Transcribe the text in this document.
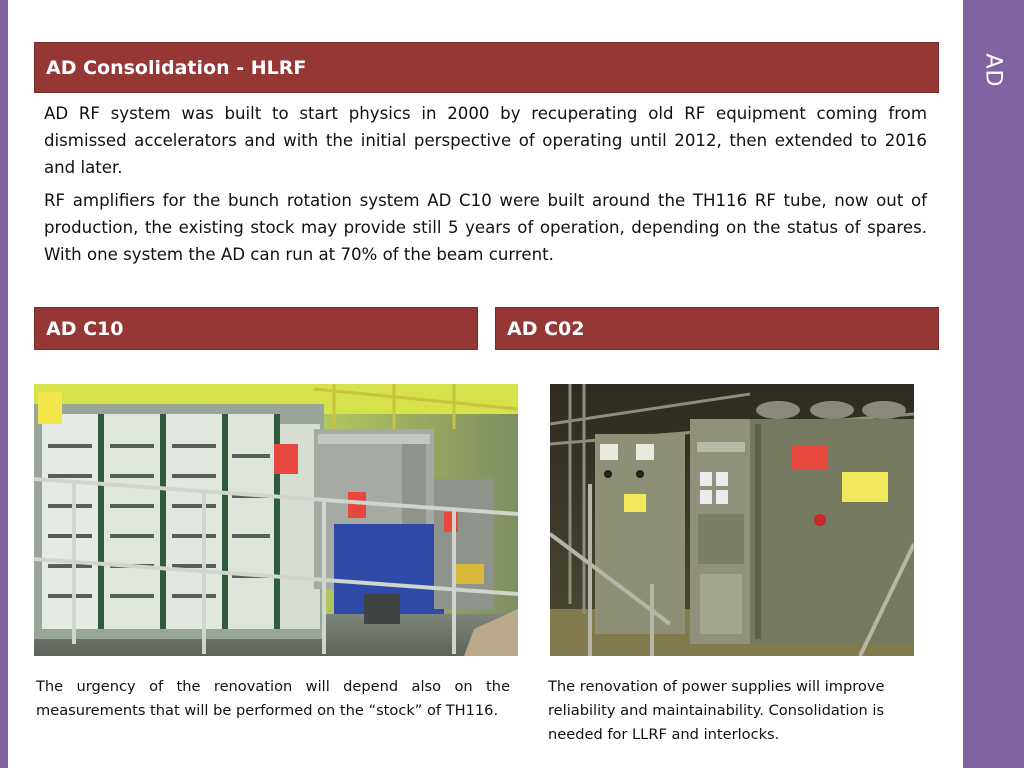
AD
AD Consolidation - HLRF

AD RF system was built to start physics in 2000 by recuperating old RF equipment coming from dismissed accelerators and with the initial perspective of operating until 2012, then extended to 2016 and later.

RF amplifiers for the bunch rotation system AD C10 were built around the TH116 RF tube, now out of production, the existing stock may provide still 5 years of operation, depending on the status of spares. With one system the AD can run at 70% of the beam current.

AD C10	AD C02
The urgency of the renovation will depend also on the measurements that will be performed on the “stock” of TH116.
The renovation of power supplies will improve reliability and maintainability. Consolidation is needed for LLRF and interlocks.
